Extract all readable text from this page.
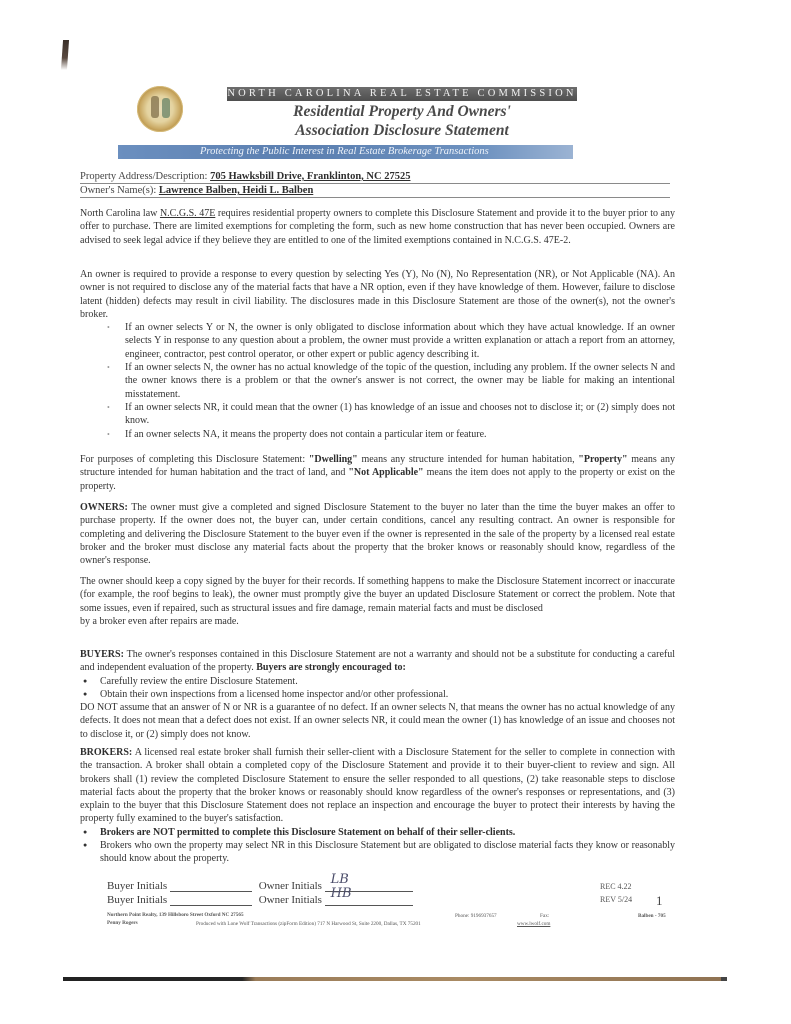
NORTH CAROLINA REAL ESTATE COMMISSION
Residential Property And Owners'
Association Disclosure Statement
Protecting the Public Interest in Real Estate Brokerage Transactions
Property Address/Description: 705 Hawksbill Drive, Franklinton, NC 27525
Owner's Name(s): Lawrence Balben, Heidi L. Balben
North Carolina law N.C.G.S. 47E requires residential property owners to complete this Disclosure Statement and provide it to the buyer prior to any offer to purchase. There are limited exemptions for completing the form, such as new home construction that has never been occupied. Owners are advised to seek legal advice if they believe they are entitled to one of the limited exemptions contained in N.C.G.S. 47E-2.
An owner is required to provide a response to every question by selecting Yes (Y), No (N), No Representation (NR), or Not Applicable (NA). An owner is not required to disclose any of the material facts that have a NR option, even if they have knowledge of them. However, failure to disclose latent (hidden) defects may result in civil liability. The disclosures made in this Disclosure Statement are those of the owner(s), not the owner's broker.
• If an owner selects Y or N, the owner is only obligated to disclose information about which they have actual knowledge. If an owner selects Y in response to any question about a problem, the owner must provide a written explanation or attach a report from an attorney, engineer, contractor, pest control operator, or other expert or public agency describing it.
• If an owner selects N, the owner has no actual knowledge of the topic of the question, including any problem. If the owner selects N and the owner knows there is a problem or that the owner's answer is not correct, the owner may be liable for making an intentional misstatement.
• If an owner selects NR, it could mean that the owner (1) has knowledge of an issue and chooses not to disclose it; or (2) simply does not know.
• If an owner selects NA, it means the property does not contain a particular item or feature.
For purposes of completing this Disclosure Statement: "Dwelling" means any structure intended for human habitation, "Property" means any structure intended for human habitation and the tract of land, and "Not Applicable" means the item does not apply to the property or exist on the property.
OWNERS: The owner must give a completed and signed Disclosure Statement to the buyer no later than the time the buyer makes an offer to purchase property. If the owner does not, the buyer can, under certain conditions, cancel any resulting contract. An owner is responsible for completing and delivering the Disclosure Statement to the buyer even if the owner is represented in the sale of the property by a licensed real estate broker and the broker must disclose any material facts about the property that the broker knows or reasonably should know, regardless of the owner's response.
The owner should keep a copy signed by the buyer for their records. If something happens to make the Disclosure Statement incorrect or inaccurate (for example, the roof begins to leak), the owner must promptly give the buyer an updated Disclosure Statement or correct the problem. Note that some issues, even if repaired, such as structural issues and fire damage, remain material facts and must be disclosed
by a broker even after repairs are made.
BUYERS: The owner's responses contained in this Disclosure Statement are not a warranty and should not be a substitute for conducting a careful and independent evaluation of the property. Buyers are strongly encouraged to:
● Carefully review the entire Disclosure Statement.
● Obtain their own inspections from a licensed home inspector and/or other professional.
DO NOT assume that an answer of N or NR is a guarantee of no defect. If an owner selects N, that means the owner has no actual knowledge of any defects. It does not mean that a defect does not exist. If an owner selects NR, it could mean the owner (1) has knowledge of an issue and chooses not to disclose it, or (2) simply does not know.
BROKERS: A licensed real estate broker shall furnish their seller-client with a Disclosure Statement for the seller to complete in connection with the transaction. A broker shall obtain a completed copy of the Disclosure Statement and provide it to their buyer-client to review and sign. All brokers shall (1) review the completed Disclosure Statement to ensure the seller responded to all questions, (2) take reasonable steps to disclose material facts about the property that the broker knows or reasonably should know regardless of the owner's responses or representations, and (3) explain to the buyer that this Disclosure Statement does not replace an inspection and encourage the buyer to protect their interests by having the property fully examined to the buyer's satisfaction.
● Brokers are NOT permitted to complete this Disclosure Statement on behalf of their seller-clients.
● Brokers who own the property may select NR in this Disclosure Statement but are obligated to disclose material facts they know or reasonably should know about the property.
Buyer Initials	Owner Initials LB
Buyer Initials	Owner Initials HB	REC 4.22
REV 5/24 1
Northern Point Realty, 139 Hillsboro Street Oxford NC 27565
Penny Rogers	Produced with Lone Wolf Transactions (zipForm Edition) 717 N Harwood St, Suite 2200, Dallas, TX 75201
Phone: 9196937657	Fax:
www.lwolf.com
Balben - 705
